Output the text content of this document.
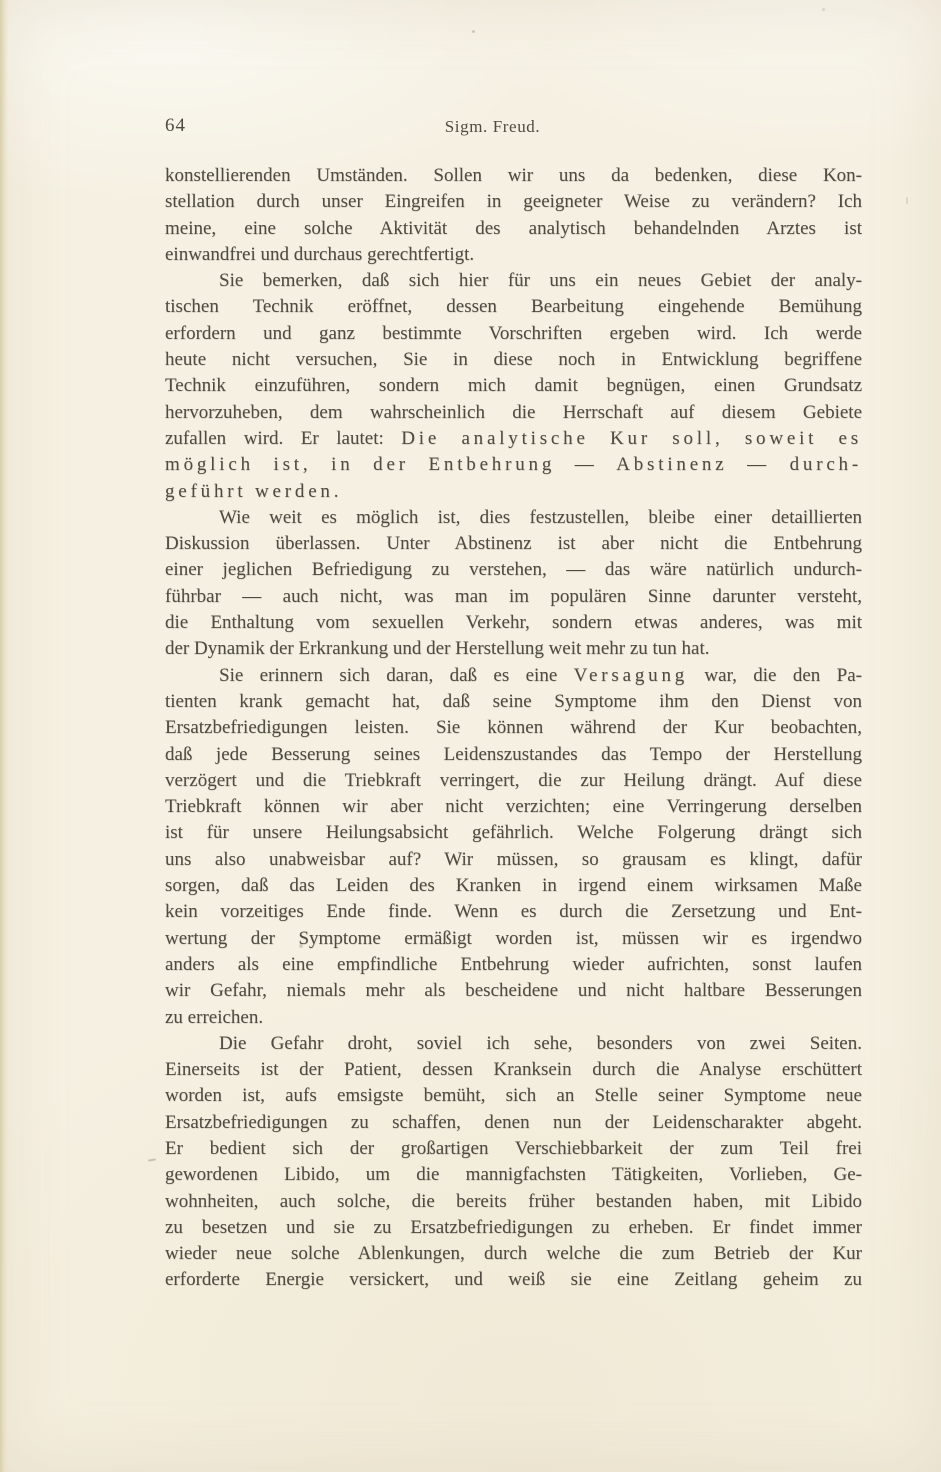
64	Sigm. Freud.
konstellierenden Umständen. Sollen wir uns da bedenken, diese Kon-
stellation durch unser Eingreifen in geeigneter Weise zu verändern? Ich
meine, eine solche Aktivität des analytisch behandelnden Arztes ist
einwandfrei und durchaus gerechtfertigt.
Sie bemerken, daß sich hier für uns ein neues Gebiet der analy-
tischen Technik eröffnet, dessen Bearbeitung eingehende Bemühung
erfordern und ganz bestimmte Vorschriften ergeben wird. Ich werde
heute nicht versuchen, Sie in diese noch in Entwicklung begriffene
Technik einzuführen, sondern mich damit begnügen, einen Grundsatz
hervorzuheben, dem wahrscheinlich die Herrschaft auf diesem Gebiete
zufallen wird. Er lautet: Die analytische Kur soll, soweit es
möglich ist, in der Entbehrung — Abstinenz — durch-
geführt werden.
Wie weit es möglich ist, dies festzustellen, bleibe einer detaillierten
Diskussion überlassen. Unter Abstinenz ist aber nicht die Entbehrung
einer jeglichen Befriedigung zu verstehen, — das wäre natürlich undurch-
führbar — auch nicht, was man im populären Sinne darunter versteht,
die Enthaltung vom sexuellen Verkehr, sondern etwas anderes, was mit
der Dynamik der Erkrankung und der Herstellung weit mehr zu tun hat.
Sie erinnern sich daran, daß es eine Versagung war, die den Pa-
tienten krank gemacht hat, daß seine Symptome ihm den Dienst von
Ersatzbefriedigungen leisten. Sie können während der Kur beobachten,
daß jede Besserung seines Leidenszustandes das Tempo der Herstellung
verzögert und die Triebkraft verringert, die zur Heilung drängt. Auf diese
Triebkraft können wir aber nicht verzichten; eine Verringerung derselben
ist für unsere Heilungsabsicht gefährlich. Welche Folgerung drängt sich
uns also unabweisbar auf? Wir müssen, so grausam es klingt, dafür
sorgen, daß das Leiden des Kranken in irgend einem wirksamen Maße
kein vorzeitiges Ende finde. Wenn es durch die Zersetzung und Ent-
wertung der Symptome ermäßigt worden ist, müssen wir es irgendwo
anders als eine empfindliche Entbehrung wieder aufrichten, sonst laufen
wir Gefahr, niemals mehr als bescheidene und nicht haltbare Besserungen
zu erreichen.
Die Gefahr droht, soviel ich sehe, besonders von zwei Seiten.
Einerseits ist der Patient, dessen Kranksein durch die Analyse erschüttert
worden ist, aufs emsigste bemüht, sich an Stelle seiner Symptome neue
Ersatzbefriedigungen zu schaffen, denen nun der Leidenscharakter abgeht.
Er bedient sich der großartigen Verschiebbarkeit der zum Teil frei
gewordenen Libido, um die mannigfachsten Tätigkeiten, Vorlieben, Ge-
wohnheiten, auch solche, die bereits früher bestanden haben, mit Libido
zu besetzen und sie zu Ersatzbefriedigungen zu erheben. Er findet immer
wieder neue solche Ablenkungen, durch welche die zum Betrieb der Kur
erforderte Energie versickert, und weiß sie eine Zeitlang geheim zu
